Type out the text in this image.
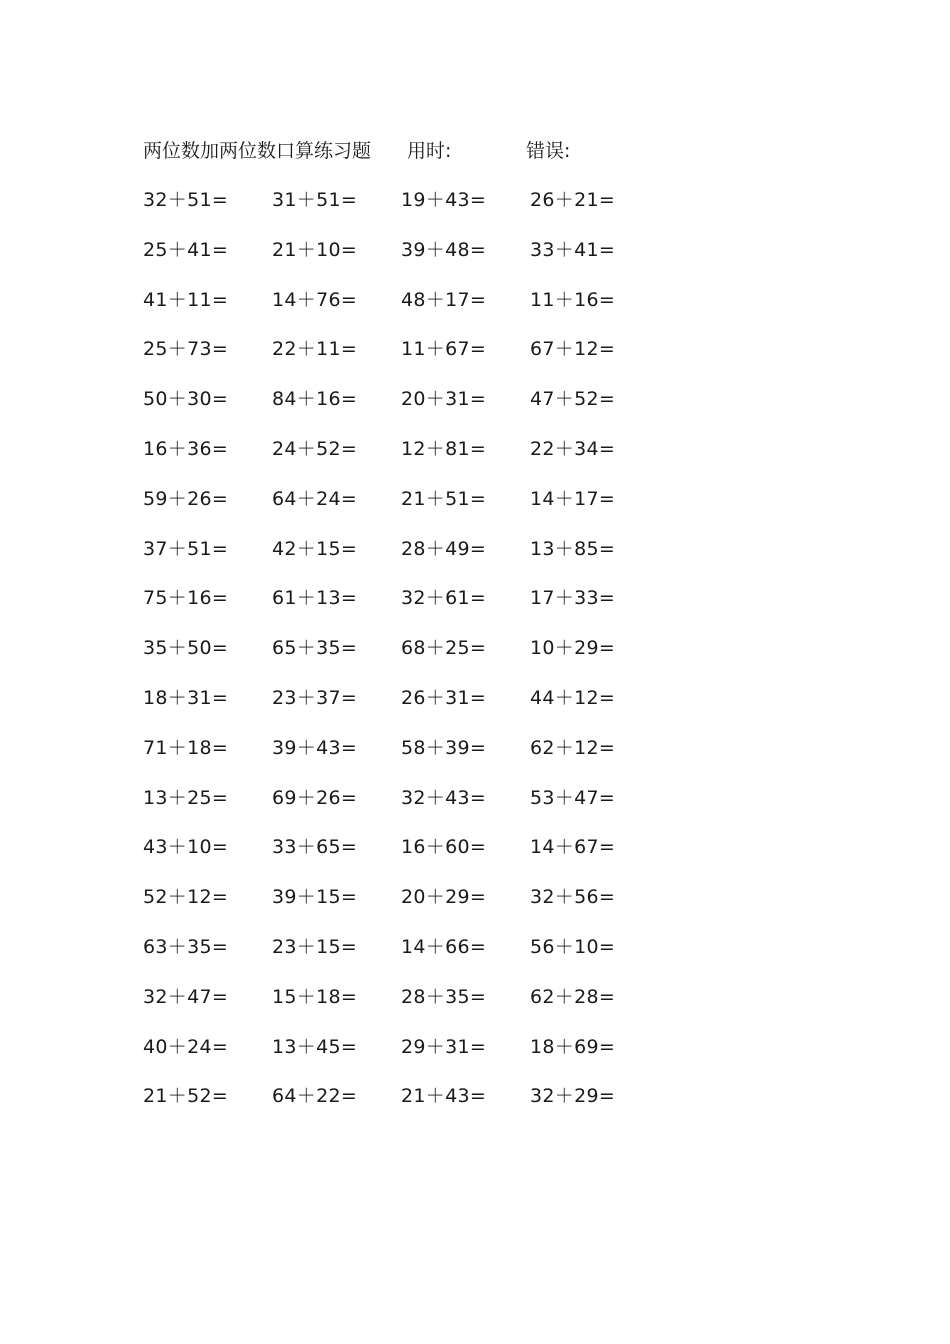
两位数加两位数口算练习题 用时:	错误:
32＋51= 31＋51= 19＋43= 26＋21=
25＋41= 21＋10= 39＋48= 33＋41=
41＋11= 14＋76= 48＋17= 11＋16=
25＋73= 22＋11= 11＋67= 67＋12=
50＋30= 84＋16= 20＋31= 47＋52=
16＋36= 24＋52= 12＋81= 22＋34=
59＋26= 64＋24= 21＋51= 14＋17=
37＋51= 42＋15= 28＋49= 13＋85=
75＋16= 61＋13= 32＋61= 17＋33=
35＋50= 65＋35= 68＋25= 10＋29=
18＋31= 23＋37= 26＋31= 44＋12=
71＋18= 39＋43= 58＋39= 62＋12=
13＋25= 69＋26= 32＋43= 53＋47=
43＋10= 33＋65= 16＋60= 14＋67=
52＋12= 39＋15= 20＋29= 32＋56=
63＋35= 23＋15= 14＋66= 56＋10=
32＋47= 15＋18= 28＋35= 62＋28=
40＋24= 13＋45= 29＋31= 18＋69=
21＋52= 64＋22= 21＋43= 32＋29=
